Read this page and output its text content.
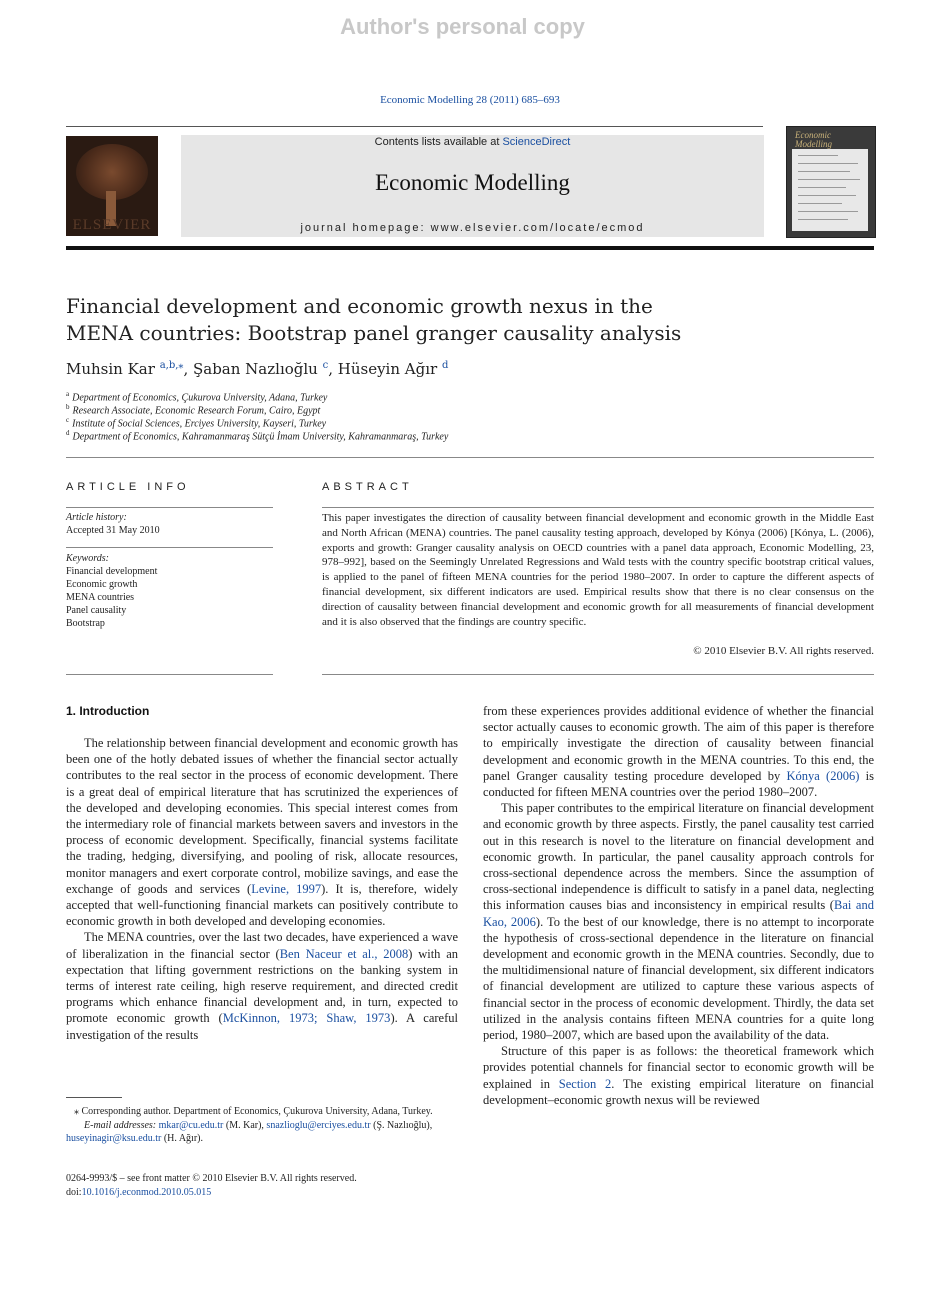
Author's personal copy
Economic Modelling 28 (2011) 685–693
ELSEVIER
Contents lists available at ScienceDirect
Economic Modelling
journal homepage: www.elsevier.com/locate/ecmod
Economic
Modelling
Financial development and economic growth nexus in the
MENA countries: Bootstrap panel granger causality analysis
Muhsin Kar $^{a,b,⁎}$, Şaban Nazlıoğlu $^c$, Hüseyin Ağır $^d$
$^a$ Department of Economics, Çukurova University, Adana, Turkey
$^b$ Research Associate, Economic Research Forum, Cairo, Egypt
$^c$ Institute of Social Sciences, Erciyes University, Kayseri, Turkey
$^d$ Department of Economics, Kahramanmaraş Sütçü İmam University, Kahramanmaraş, Turkey
ARTICLE INFO
Article history:
Accepted 31 May 2010
Keywords:
Financial development
Economic growth
MENA countries
Panel causality
Bootstrap
ABSTRACT
This paper investigates the direction of causality between financial development and economic growth in the Middle East and North African (MENA) countries. The panel causality testing approach, developed by Kónya (2006) [Kónya, L. (2006), exports and growth: Granger causality analysis on OECD countries with a panel data approach, Economic Modelling, 23, 978–992], based on the Seemingly Unrelated Regressions and Wald tests with the country specific bootstrap critical values, is applied to the panel of fifteen MENA countries for the period 1980–2007. In order to capture the different aspects of financial development, six different indicators are used. Empirical results show that there is no clear consensus on the direction of causality between financial development and economic growth for all measurements of financial development and it is also observed that the findings are country specific.
© 2010 Elsevier B.V. All rights reserved.
1. Introduction

The relationship between financial development and economic growth has been one of the hotly debated issues of whether the financial sector actually contributes to the real sector in the process of economic development. There is a great deal of empirical literature that has scrutinized the experiences of the developed and developing economies. This special interest comes from the intermediary role of financial markets between savers and investors in the process of economic development. Specifically, financial systems facilitate the trading, hedging, diversifying, and pooling of risk, allocate resources, monitor managers and exert corporate control, mobilize savings, and ease the exchange of goods and services (Levine, 1997). It is, therefore, widely accepted that well-functioning financial markets can positively contribute to economic growth in both developed and developing economies.

The MENA countries, over the last two decades, have experienced a wave of liberalization in the financial sector (Ben Naceur et al., 2008) with an expectation that lifting government restrictions on the banking system in terms of interest rate ceiling, high reserve requirement, and directed credit programs which enhance financial development and, in turn, expected to promote economic growth (McKinnon, 1973; Shaw, 1973). A careful investigation of the results

from these experiences provides additional evidence of whether the financial sector actually causes to economic growth. The aim of this paper is therefore to empirically investigate the direction of causality between financial development and economic growth in the MENA countries. To this end, the panel Granger causality testing procedure developed by Kónya (2006) is conducted for fifteen MENA countries over the period 1980–2007.

This paper contributes to the empirical literature on financial development and economic growth by three aspects. Firstly, the panel causality test carried out in this research is novel to the literature on financial development and economic growth. In particular, the panel causality approach controls for cross-sectional dependence across the members. Since the assumption of cross-sectional independence is difficult to satisfy in a panel data, neglecting this information causes bias and inconsistency in empirical results (Bai and Kao, 2006). To the best of our knowledge, there is no attempt to incorporate the hypothesis of cross-sectional dependence in the literature on financial development and economic growth in the MENA countries. Secondly, due to the multidimensional nature of financial development, six different indicators of financial development are utilized to capture these various aspects of financial sector in the process of economic development. Thirdly, the data set utilized in the analysis contains fifteen MENA countries for a quite long period, 1980–2007, which are based upon the availability of the data.

Structure of this paper is as follows: the theoretical framework which provides potential channels for financial sector to economic growth will be explained in Section 2. The existing empirical literature on financial development–economic growth nexus will be reviewed

⁎ Corresponding author. Department of Economics, Çukurova University, Adana, Turkey.
E-mail addresses: mkar@cu.edu.tr (M. Kar), snazlioglu@erciyes.edu.tr (Ş. Nazlıoğlu),
huseyinagir@ksu.edu.tr (H. Ağır).
0264-9993/$ – see front matter © 2010 Elsevier B.V. All rights reserved.
doi:10.1016/j.econmod.2010.05.015
